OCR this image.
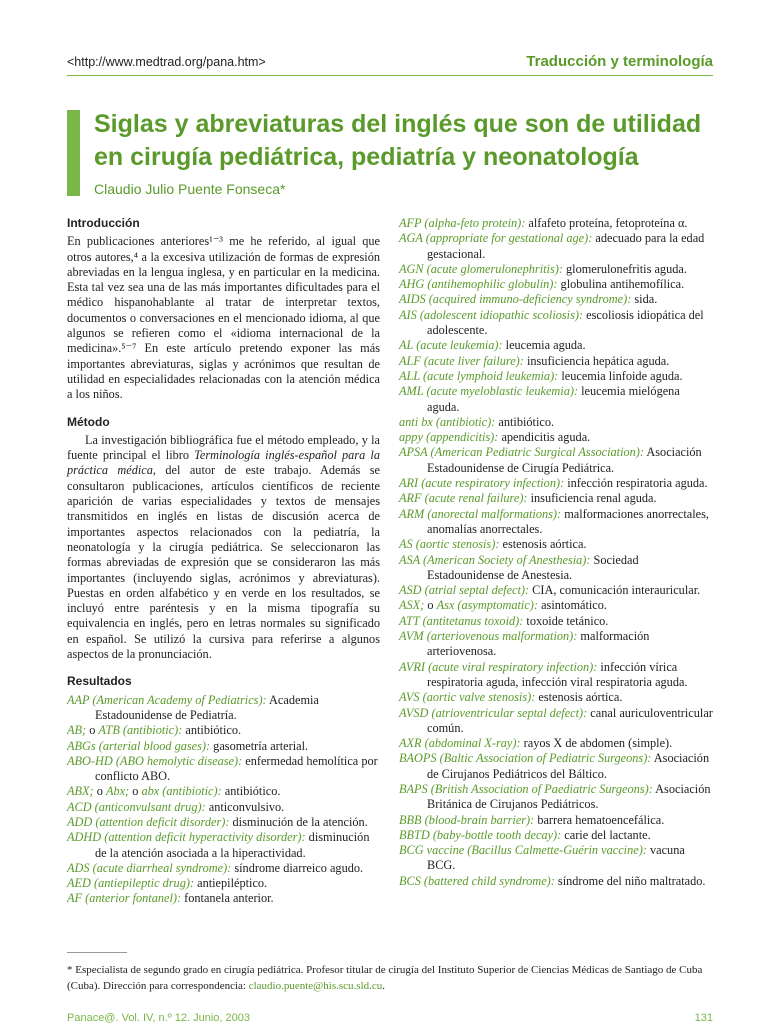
<http://www.medtrad.org/pana.htm>	Traducción y terminología
Siglas y abreviaturas del inglés que son de utilidad en cirugía pediátrica, pediatría y neonatología
Claudio Julio Puente Fonseca*
Introducción

En publicaciones anteriores¹⁻³ me he referido, al igual que otros autores,⁴ a la excesiva utilización de formas de expresión abreviadas en la lengua inglesa, y en particular en la medicina. Esta tal vez sea una de las más importantes dificultades para el médico hispanohablante al tratar de interpretar textos, documentos o conversaciones en el mencionado idioma, al que algunos se refieren como el «idioma internacional de la medicina».⁵⁻⁷ En este artículo pretendo exponer las más importantes abreviaturas, siglas y acrónimos que resultan de utilidad en especialidades relacionadas con la atención médica a los niños.

Método

La investigación bibliográfica fue el método empleado, y la fuente principal el libro Terminología inglés-español para la práctica médica, del autor de este trabajo. Además se consultaron publicaciones, artículos científicos de reciente aparición de varias especialidades y textos de mensajes transmitidos en inglés en listas de discusión acerca de importantes aspectos relacionados con la pediatría, la neonatología y la cirugía pediátrica. Se seleccionaron las formas abreviadas de expresión que se consideraron las más importantes (incluyendo siglas, acrónimos y abreviaturas). Puestas en orden alfabético y en verde en los resultados, se incluyó entre paréntesis y en la misma tipografía su equivalencia en inglés, pero en letras normales su significado en español. Se utilizó la cursiva para referirse a algunos aspectos de la pronunciación.

Resultados
AAP (American Academy of Pediatrics): Academia Estadounidense de Pediatría.
AB; o ATB (antibiotic): antibiótico.
ABGs (arterial blood gases): gasometría arterial.
ABO-HD (ABO hemolytic disease): enfermedad hemolítica por conflicto ABO.
ABX; o Abx; o abx (antibiotic): antibiótico.
ACD (anticonvulsant drug): anticonvulsivo.
ADD (attention deficit disorder): disminución de la atención.
ADHD (attention deficit hyperactivity disorder): disminución de la atención asociada a la hiperactividad.
ADS (acute diarrheal syndrome): síndrome diarreico agudo.
AED (antiepileptic drug): antiepiléptico.
AF (anterior fontanel): fontanela anterior.
AFP (alpha-feto protein): alfafeto proteína, fetoproteína α.
AGA (appropriate for gestational age): adecuado para la edad gestacional.
AGN (acute glomerulonephritis): glomerulonefritis aguda.
AHG (antihemophilic globulin): globulina antihemofílica.
AIDS (acquired immuno-deficiency syndrome): sida.
AIS (adolescent idiopathic scoliosis): escoliosis idiopática del adolescente.
AL (acute leukemia): leucemia aguda.
ALF (acute liver failure): insuficiencia hepática aguda.
ALL (acute lymphoid leukemia): leucemia linfoide aguda.
AML (acute myeloblastic leukemia): leucemia mielógena aguda.
anti bx (antibiotic): antibiótico.
appy (appendicitis): apendicitis aguda.
APSA (American Pediatric Surgical Association): Asociación Estadounidense de Cirugía Pediátrica.
ARI (acute respiratory infection): infección respiratoria aguda.
ARF (acute renal failure): insuficiencia renal aguda.
ARM (anorectal malformations): malformaciones anorrectales, anomalías anorrectales.
AS (aortic stenosis): estenosis aórtica.
ASA (American Society of Anesthesia): Sociedad Estadounidense de Anestesia.
ASD (atrial septal defect): CIA, comunicación interauricular.
ASX; o Asx (asymptomatic): asintomático.
ATT (antitetanus toxoid): toxoide tetánico.
AVM (arteriovenous malformation): malformación arteriovenosa.
AVRI (acute viral respiratory infection): infección vírica respiratoria aguda, infección viral respiratoria aguda.
AVS (aortic valve stenosis): estenosis aórtica.
AVSD (atrioventricular septal defect): canal auriculoventricular común.
AXR (abdominal X-ray): rayos X de abdomen (simple).
BAOPS (Baltic Association of Pediatric Surgeons): Asociación de Cirujanos Pediátricos del Báltico.
BAPS (British Association of Paediatric Surgeons): Asociación Británica de Cirujanos Pediátricos.
BBB (blood-brain barrier): barrera hematoencefálica.
BBTD (baby-bottle tooth decay): carie del lactante.
BCG vaccine (Bacillus Calmette-Guérin vaccine): vacuna BCG.
BCS (battered child syndrome): síndrome del niño maltratado.
* Especialista de segundo grado en cirugía pediátrica. Profesor titular de cirugía del Instituto Superior de Ciencias Médicas de Santiago de Cuba (Cuba). Dirección para correspondencia: claudio.puente@his.scu.sld.cu.
Panace@. Vol. IV, n.º 12. Junio, 2003	131
